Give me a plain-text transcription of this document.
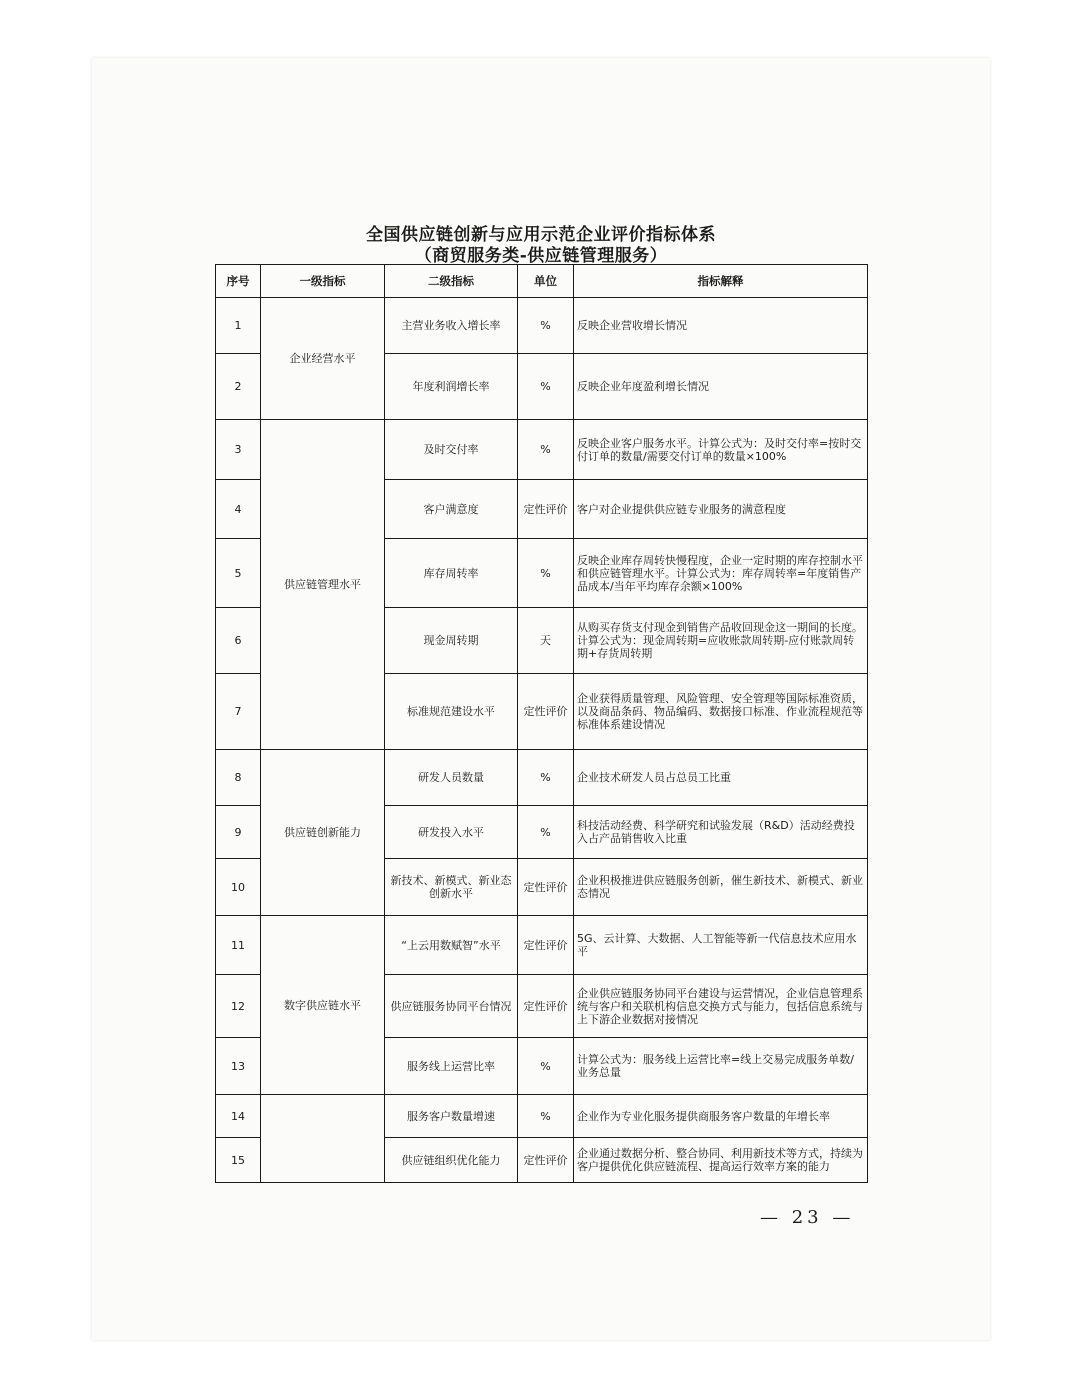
全国供应链创新与应用示范企业评价指标体系
（商贸服务类-供应链管理服务）
序号	一级指标	二级指标	单位	指标解释
1	企业经营水平	主营业务收入增长率	%	反映企业营收增长情况
2		年度利润增长率	%	反映企业年度盈利增长情况
3	供应链管理水平	及时交付率	%	反映企业客户服务水平。计算公式为：及时交付率=按时交付订单的数量/需要交付订单的数量×100%
4		客户满意度	定性评价	客户对企业提供供应链专业服务的满意程度
5		库存周转率	%	反映企业库存周转快慢程度，企业一定时期的库存控制水平和供应链管理水平。计算公式为：库存周转率=年度销售产品成本/当年平均库存余额×100%
6		现金周转期	天	从购买存货支付现金到销售产品收回现金这一期间的长度。计算公式为：现金周转期=应收账款周转期-应付账款周转期+存货周转期
7		标准规范建设水平	定性评价	企业获得质量管理、风险管理、安全管理等国际标准资质，以及商品条码、物品编码、数据接口标准、作业流程规范等标准体系建设情况
8	供应链创新能力	研发人员数量	%	企业技术研发人员占总员工比重
9		研发投入水平	%	科技活动经费、科学研究和试验发展（R&D）活动经费投入占产品销售收入比重
10		新技术、新模式、新业态创新水平	定性评价	企业积极推进供应链服务创新，催生新技术、新模式、新业态情况
11	数字供应链水平	“上云用数赋智”水平	定性评价	5G、云计算、大数据、人工智能等新一代信息技术应用水平
12		供应链服务协同平台情况	定性评价	企业供应链服务协同平台建设与运营情况，企业信息管理系统与客户和关联机构信息交换方式与能力，包括信息系统与上下游企业数据对接情况
13		服务线上运营比率	%	计算公式为：服务线上运营比率=线上交易完成服务单数/业务总量
14		服务客户数量增速	%	企业作为专业化服务提供商服务客户数量的年增长率
15		供应链组织优化能力	定性评价	企业通过数据分析、整合协同、利用新技术等方式，持续为客户提供优化供应链流程、提高运行效率方案的能力
— 23 —
